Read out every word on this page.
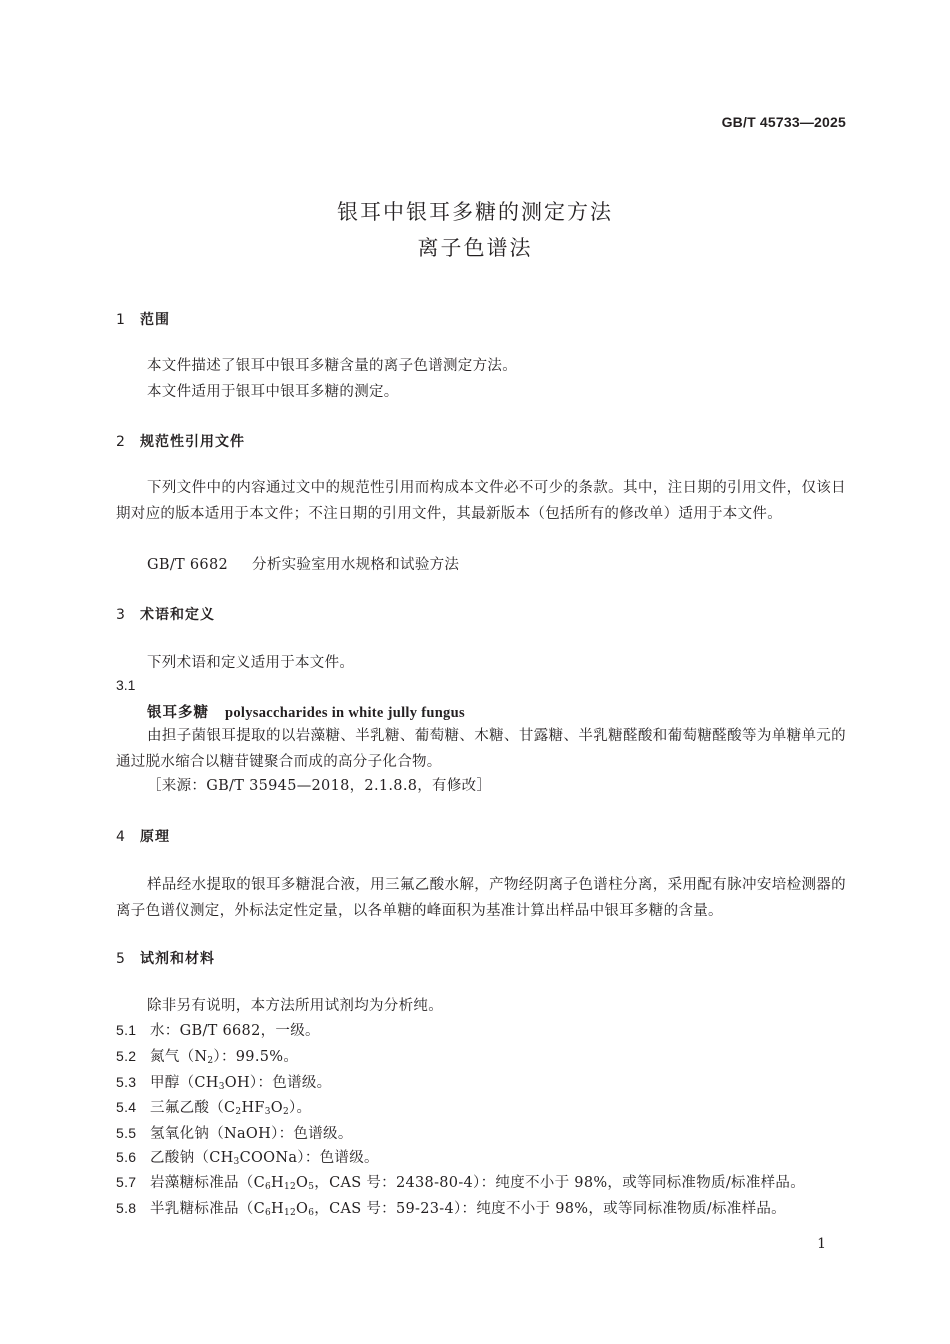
GB/T 45733—2025
银耳中银耳多糖的测定方法
离子色谱法
1 范围
本文件描述了银耳中银耳多糖含量的离子色谱测定方法。
本文件适用于银耳中银耳多糖的测定。
2 规范性引用文件
下列文件中的内容通过文中的规范性引用而构成本文件必不可少的条款。其中，注日期的引用文件，仅该日期对应的版本适用于本文件；不注日期的引用文件，其最新版本（包括所有的修改单）适用于本文件。
GB/T 6682 分析实验室用水规格和试验方法
3 术语和定义
下列术语和定义适用于本文件。
3.1
银耳多糖 polysaccharides in white jully fungus
由担子菌银耳提取的以岩藻糖、半乳糖、葡萄糖、木糖、甘露糖、半乳糖醛酸和葡萄糖醛酸等为单糖单元的通过脱水缩合以糖苷键聚合而成的高分子化合物。
［来源：GB/T 35945—2018，2.1.8.8，有修改］
4 原理
样品经水提取的银耳多糖混合液，用三氟乙酸水解，产物经阴离子色谱柱分离，采用配有脉冲安培检测器的离子色谱仪测定，外标法定性定量，以各单糖的峰面积为基准计算出样品中银耳多糖的含量。
5 试剂和材料
除非另有说明，本方法所用试剂均为分析纯。
5.1 水：GB/T 6682，一级。
5.2 氮气$(N_2)$：99.5%。
5.3 甲醇$(CH_3OH)$：色谱级。
5.4 三氟乙酸$(C_2HF_3O_2)$。
5.5 氢氧化钠（NaOH）：色谱级。
5.6 乙酸钠$(CH_3COONa)$：色谱级。
5.7 岩藻糖标准品（$C_6H_{12}O_5$，CAS 号：2438-80-4）：纯度不小于 98%，或等同标准物质/标准样品。
5.8 半乳糖标准品（$C_6H_{12}O_6$，CAS 号：59-23-4）：纯度不小于 98%，或等同标准物质/标准样品。
1
